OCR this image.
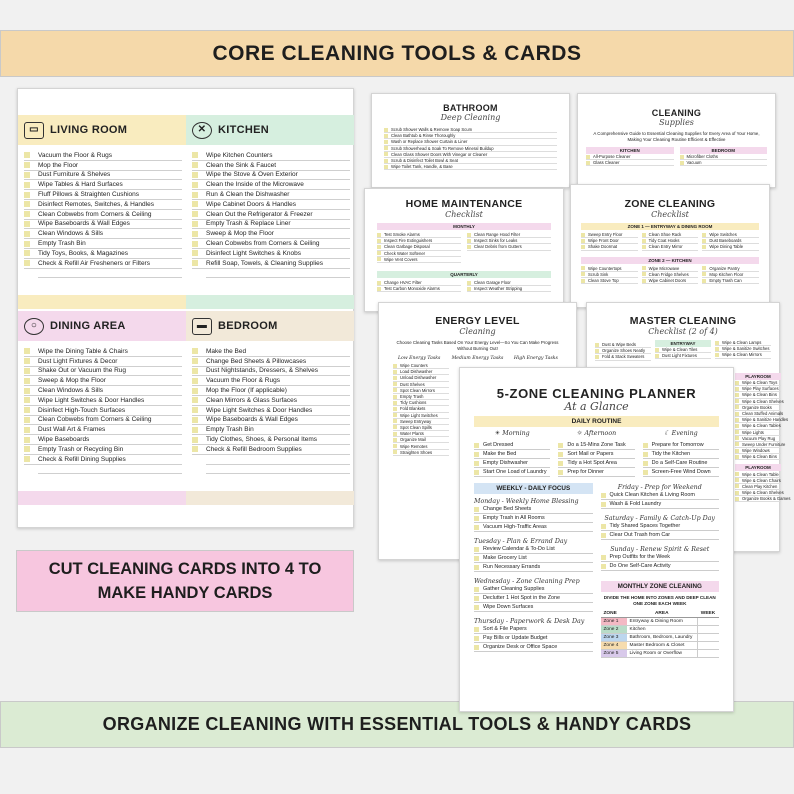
CORE CLEANING TOOLS & CARDS
ORGANIZE CLEANING WITH ESSENTIAL TOOLS & HANDY CARDS
CUT CLEANING CARDS INTO 4 TO MAKE HANDY CARDS
▭	LIVING ROOM
Vacuum the Floor & Rugs
Mop the Floor
Dust Furniture & Shelves
Wipe Tables & Hard Surfaces
Fluff Pillows & Straighten Cushions
Disinfect Remotes, Switches, & Handles
Clean Cobwebs from Corners & Ceiling
Wipe Baseboards & Wall Edges
Clean Windows & Sills
Empty Trash Bin
Tidy Toys, Books, & Magazines
Check & Refill Air Fresheners or Filters
✕	KITCHEN
Wipe Kitchen Counters
Clean the Sink & Faucet
Wipe the Stove & Oven Exterior
Clean the Inside of the Microwave
Run & Clean the Dishwasher
Wipe Cabinet Doors & Handles
Clean Out the Refrigerator & Freezer
Empty Trash & Replace Liner
Sweep & Mop the Floor
Clean Cobwebs from Corners & Ceiling
Disinfect Light Switches & Knobs
Refill Soap, Towels, & Cleaning Supplies
○	DINING AREA
Wipe the Dining Table & Chairs
Dust Light Fixtures & Decor
Shake Out or Vacuum the Rug
Sweep & Mop the Floor
Clean Windows & Sills
Wipe Light Switches & Door Handles
Disinfect High-Touch Surfaces
Clean Cobwebs from Corners & Ceiling
Dust Wall Art & Frames
Wipe Baseboards
Empty Trash or Recycling Bin
Check & Refill Dining Supplies
▬ BEDROOM
Make the Bed
Change Bed Sheets & Pillowcases
Dust Nightstands, Dressers, & Shelves
Vacuum the Floor & Rugs
Mop the Floor (If applicable)
Clean Mirrors & Glass Surfaces
Wipe Light Switches & Door Handles
Wipe Baseboards & Wall Edges
Empty Trash Bin
Tidy Clothes, Shoes, & Personal Items
Check & Refill Bedroom Supplies
BATHROOM
Deep Cleaning
Scrub Shower Walls & Remove Soap Scum
Clean Bathtub & Rinse Thoroughly
Wash or Replace Shower Curtain & Liner
Scrub Showerhead & Soak To Remove Mineral Buildup
Clean Glass Shower Doors With Vinegar or Cleaner
Scrub & Disinfect Toilet Bowl & Seat
Wipe Toilet Tank, Handle, & Base
CLEANING
Supplies
A Comprehensive Guide to Essential Cleaning Supplies for Every Area of Your Home, Making Your Cleaning Routine Efficient & Effective
KITCHEN
All-Purpose Cleaner
Glass Cleaner
BEDROOM
Microfiber Cloths
Vacuum
HOME MAINTENANCE
Checklist
MONTHLY
Test Smoke Alarms
Inspect Fire Extinguishers
Clean Garbage Disposal
Check Water Softener
Wipe Vent Covers
Clean Range Hood Filter
Inspect Sinks for Leaks
Clear Debris from Gutters
QUARTERLY
Change HVAC Filter
Test Carbon Monoxide Alarms
Clean Garage Floor
Inspect Weather Stripping
ZONE CLEANING
Checklist
ZONE 1 — ENTRYWAY & DINING ROOM
Sweep Entry Floor
Wipe Front Door
Shake Doormat
Clean Shoe Rack
Tidy Coat Hooks
Clean Entry Mirror
Wipe Switches
Dust Baseboards
Wipe Dining Table
ZONE 2 — KITCHEN
Wipe Countertops
Scrub Sink
Clean Stove Top
Wipe Microwave
Clean Fridge Shelves
Wipe Cabinet Doors
Organize Pantry
Mop Kitchen Floor
Empty Trash Can
ENERGY LEVEL
Cleaning
Choose Cleaning Tasks Based On Your Energy Level—So You Can Make Progress Without Burning Out!
Low Energy Tasks	Medium Energy Tasks	High Energy Tasks
Wipe Counters
Load Dishwasher
Unload Dishwasher
Dust Shelves
Spot Clean Mirrors
Empty Trash
Tidy Cushions
Fold Blankets
Wipe Light Switches
Sweep Entryway
Spot Clean Spills
Water Plants
Organize Mail
Wipe Remotes
Straighten Shoes
MASTER CLEANING
Checklist (2 of 4)
Dust & Wipe Beds
Organize Shoes Neatly
Fold & Stack Sweaters
ENTRYWAY
Wipe & Clean Tiles
Dust Light Fixtures
Wipe & Clean Lamps
Wipe & Sanitize Switches
Wipe & Clean Mirrors
PLAYROOM
Wipe & Clean Toys
Wipe Play Surfaces
Wipe & Clean Bins
Wipe & Clean Shelves
Organize Books
Clean Stuffed Animals
Wipe & Sanitize Handles
Wipe & Clean Tables
Wipe Lights
Vacuum Play Rug
Sweep Under Furniture
Wipe Windows
Wipe & Clean Bins
PLAYROOM
Wipe & Clean Table
Wipe & Clean Chairs
Clean Play Kitchen
Wipe & Clean Shelves
Organize Books & Games
5-ZONE CLEANING PLANNER
At a Glance
DAILY ROUTINE
☀ Morning
Get Dressed
Make the Bed
Empty Dishwasher
Start One Load of Laundry
☼ Afternoon
Do a 15-Mins Zone Task
Sort Mail or Papers
Tidy a Hot Spot Area
Prep for Dinner
☾ Evening
Prepare for Tomorrow
Tidy the Kitchen
Do a Self-Care Routine
Screen-Free Wind Down
WEEKLY - DAILY FOCUS
Monday - Weekly Home Blessing
Change Bed Sheets
Empty Trash in All Rooms
Vacuum High-Traffic Areas
Tuesday - Plan & Errand Day
Review Calendar & To-Do List
Make Grocery List
Run Necessary Errands
Wednesday - Zone Cleaning Prep
Gather Cleaning Supplies
Declutter 1 Hot Spot in the Zone
Wipe Down Surfaces
Thursday - Paperwork & Desk Day
Sort & File Papers
Pay Bills or Update Budget
Organize Desk or Office Space
Friday - Prep for Weekend
Quick Clean Kitchen & Living Room
Wash & Fold Laundry
Saturday - Family & Catch-Up Day
Tidy Shared Spaces Together
Clear Out Trash from Car
Sunday - Renew Spirit & Reset
Prep Outfits for the Week
Do One Self-Care Activity
MONTHLY ZONE CLEANING
DIVIDE THE HOME INTO ZONES AND DEEP CLEAN ONE ZONE EACH WEEK
ZONE	AREA	WEEK
Zone 1	Entryway & Dining Room
Zone 2	Kitchen
Zone 3	Bathroom, Bedroom, Laundry
Zone 4	Master Bedroom & Closet
Zone 5	Living Room or Overflow
